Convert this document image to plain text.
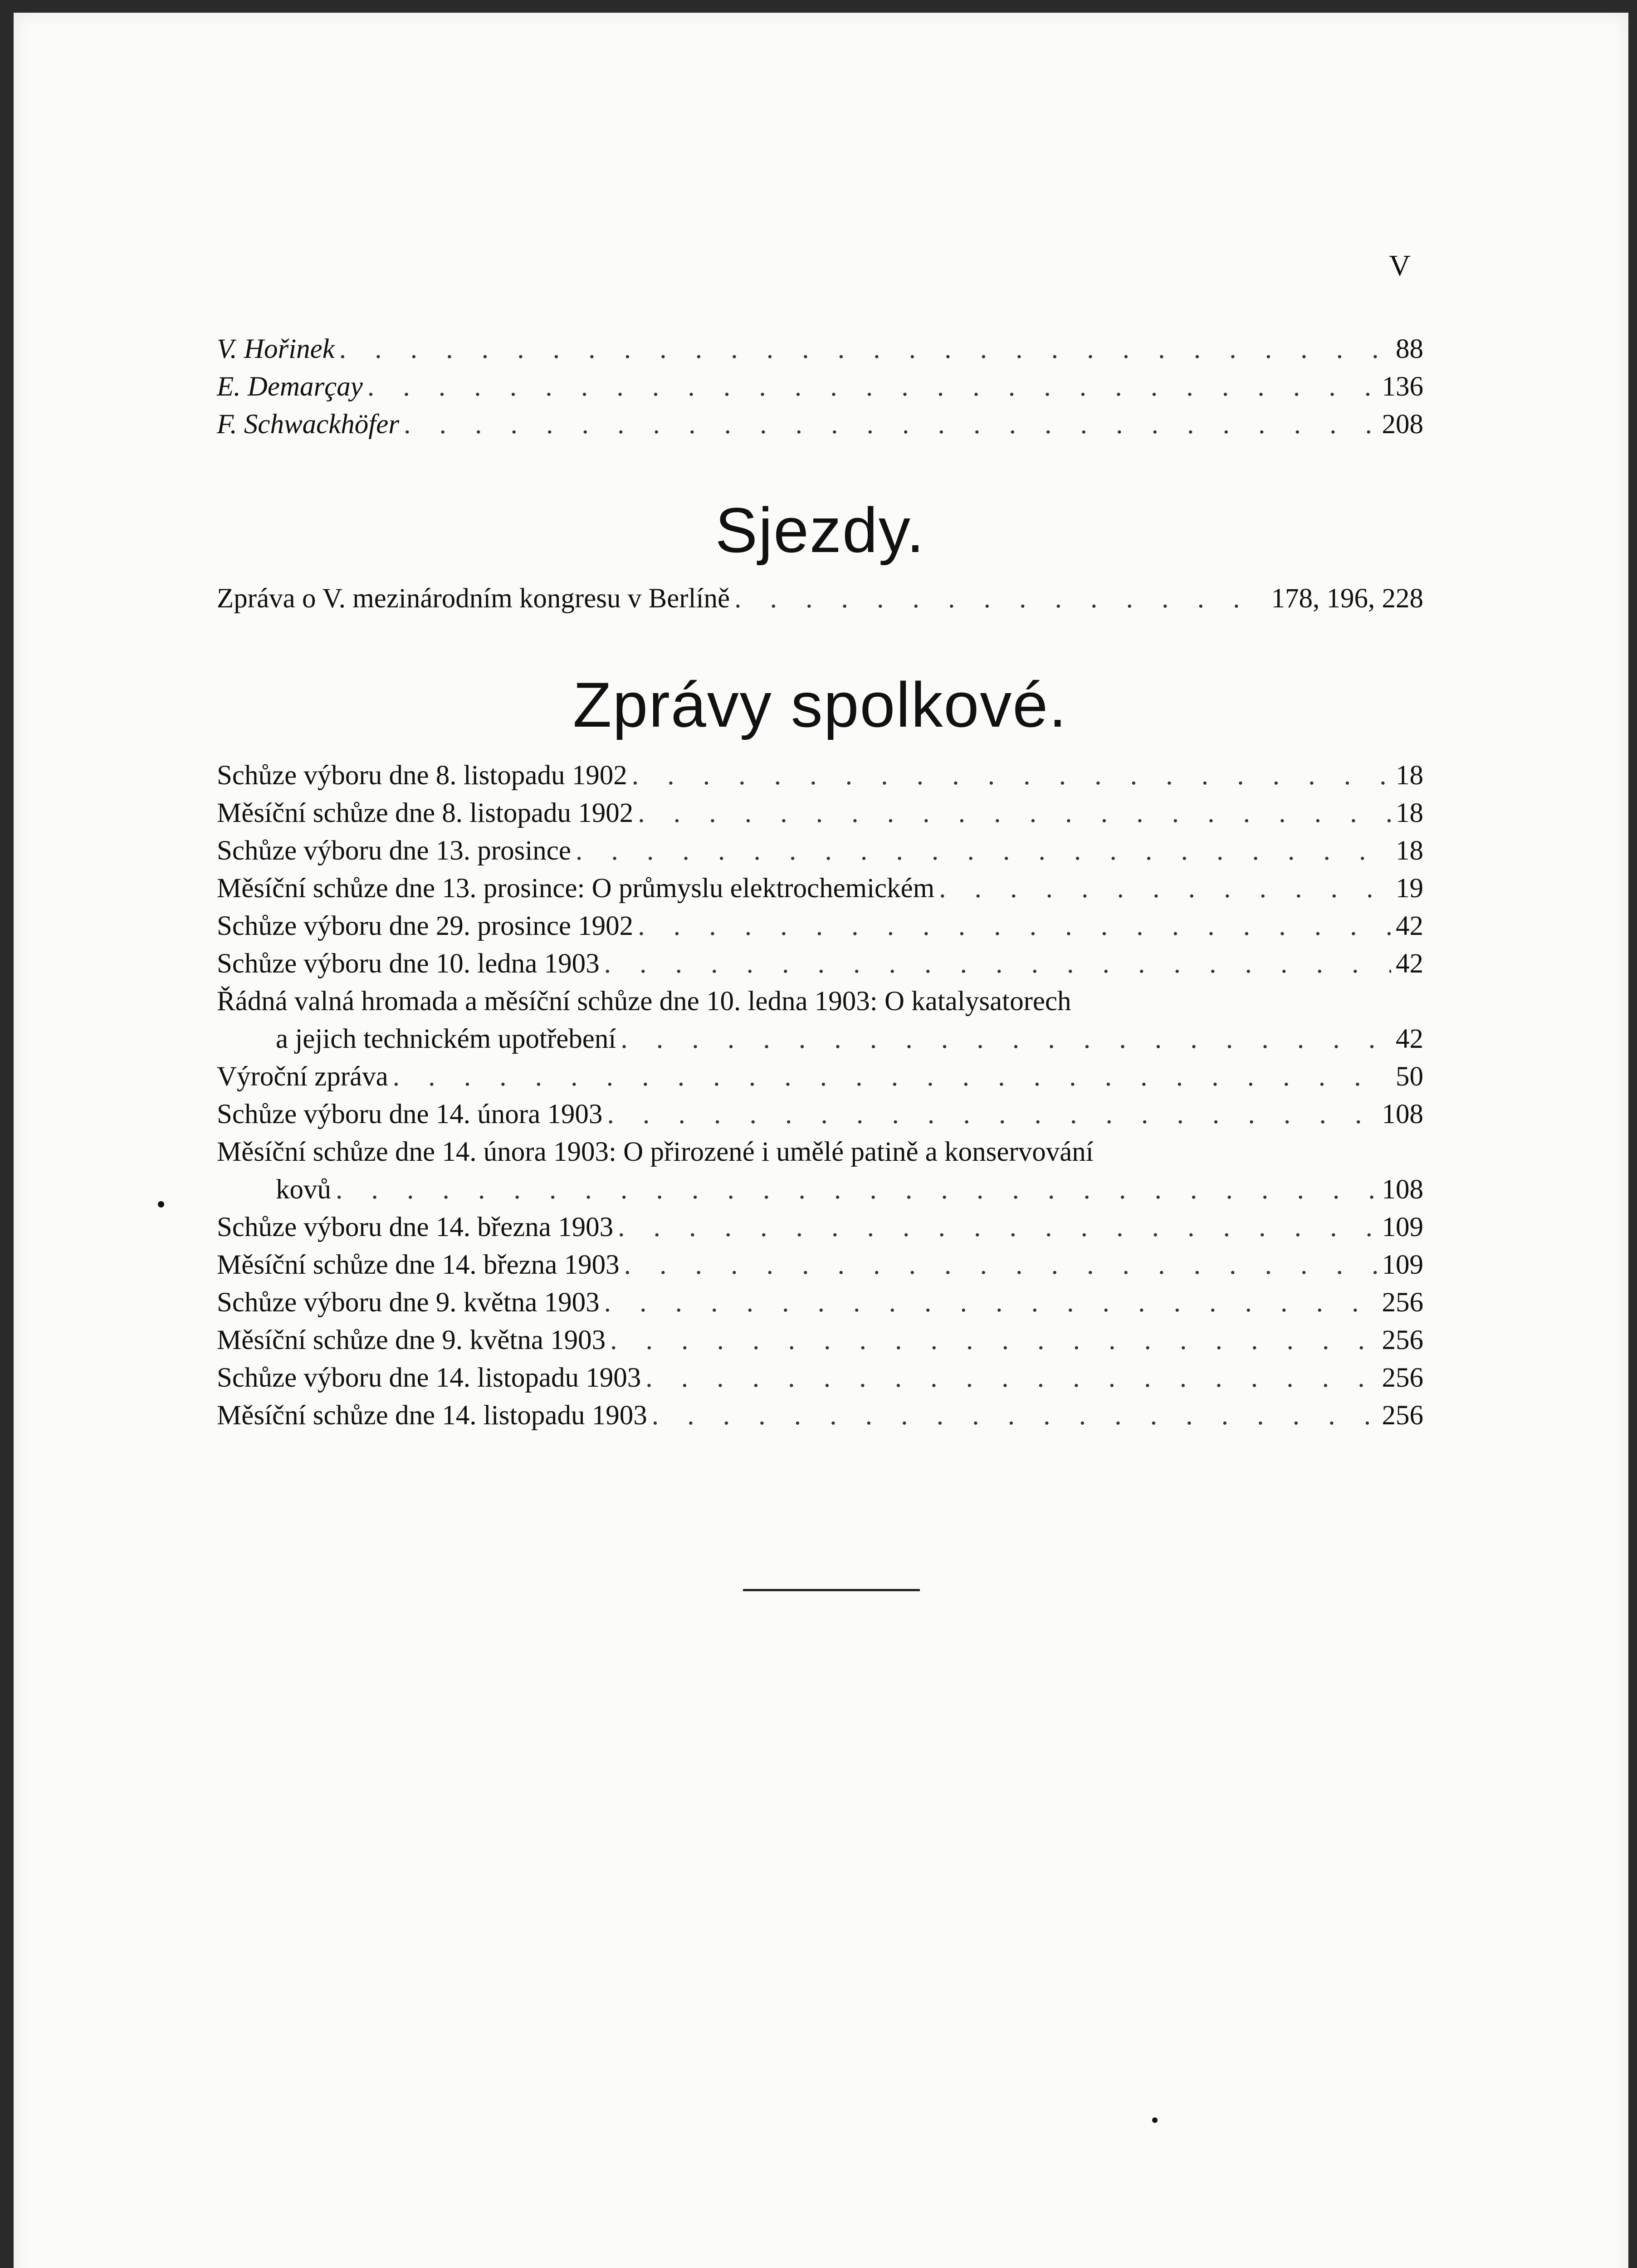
V
V. Hořinek . . .	88
E. Demarçay . . .	136
F. Schwackhöfer . . .	208
Sjezdy.
Zpráva o V. mezinárodním kongresu v Berlíně . . .	178, 196, 228
Zprávy spolkové.
Schůze výboru dne 8. listopadu 1902 . . .	18
Měsíční schůze dne 8. listopadu 1902 . . .	18
Schůze výboru dne 13. prosince . . .	18
Měsíční schůze dne 13. prosince: O průmyslu elektrochemickém . . .	19
Schůze výboru dne 29. prosince 1902 . . .	42
Schůze výboru dne 10. ledna 1903 . . .	42
Řádná valná hromada a měsíční schůze dne 10. ledna 1903: O katalysatorech
a jejich technickém upotřebení . . .	42
Výroční zpráva . . .	50
Schůze výboru dne 14. února 1903 . . .	108
Měsíční schůze dne 14. února 1903: O přirozené i umělé patině a konservování
kovů . . .	108
Schůze výboru dne 14. března 1903 . . .	109
Měsíční schůze dne 14. března 1903 . . .	109
Schůze výboru dne 9. května 1903 . . .	256
Měsíční schůze dne 9. května 1903 . . .	256
Schůze výboru dne 14. listopadu 1903 . . .	256
Měsíční schůze dne 14. listopadu 1903 . . .	256
